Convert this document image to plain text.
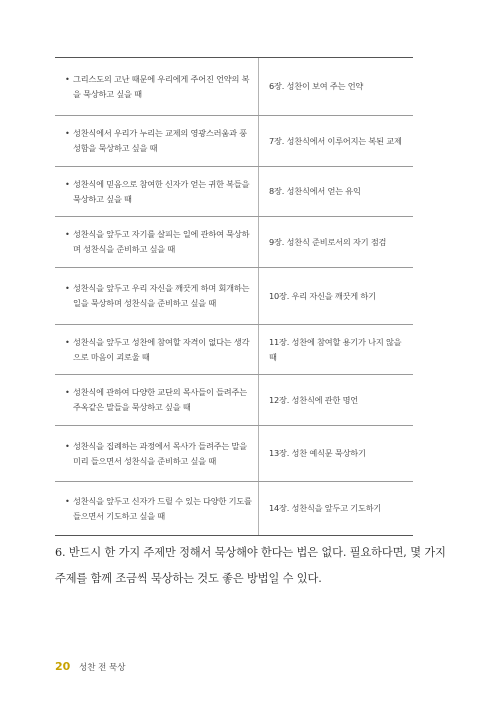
• 그리스도의 고난 때문에 우리에게 주어진 언약의 복을 묵상하고 싶을 때
6장. 성찬이 보여 주는 언약
• 성찬식에서 우리가 누리는 교제의 영광스러움과 풍성함을 묵상하고 싶을 때
7장. 성찬식에서 이루어지는 복된 교제
• 성찬식에 믿음으로 참여한 신자가 얻는 귀한 복들을 묵상하고 싶을 때
8장. 성찬식에서 얻는 유익
• 성찬식을 앞두고 자기를 살피는 일에 관하여 묵상하며 성찬식을 준비하고 싶을 때
9장. 성찬식 준비로서의 자기 점검
• 성찬식을 앞두고 우리 자신을 깨끗게 하며 회개하는 일을 묵상하며 성찬식을 준비하고 싶을 때
10장. 우리 자신을 깨끗게 하기
• 성찬식을 앞두고 성찬에 참여할 자격이 없다는 생각으로 마음이 괴로울 때
11장. 성찬에 참여할 용기가 나지 않을 때
• 성찬식에 관하여 다양한 교단의 목사들이 들려주는 주옥같은 말들을 묵상하고 싶을 때
12장. 성찬식에 관한 명언
• 성찬식을 집례하는 과정에서 목사가 들려주는 말을 미리 들으면서 성찬식을 준비하고 싶을 때
13장. 성찬 예식문 묵상하기
• 성찬식을 앞두고 신자가 드릴 수 있는 다양한 기도를 들으면서 기도하고 싶을 때
14장. 성찬식을 앞두고 기도하기

6. 반드시 한 가지 주제만 정해서 묵상해야 한다는 법은 없다. 필요하다면, 몇 가지 주제를 함께 조금씩 묵상하는 것도 좋은 방법일 수 있다.

20 성찬 전 묵상
